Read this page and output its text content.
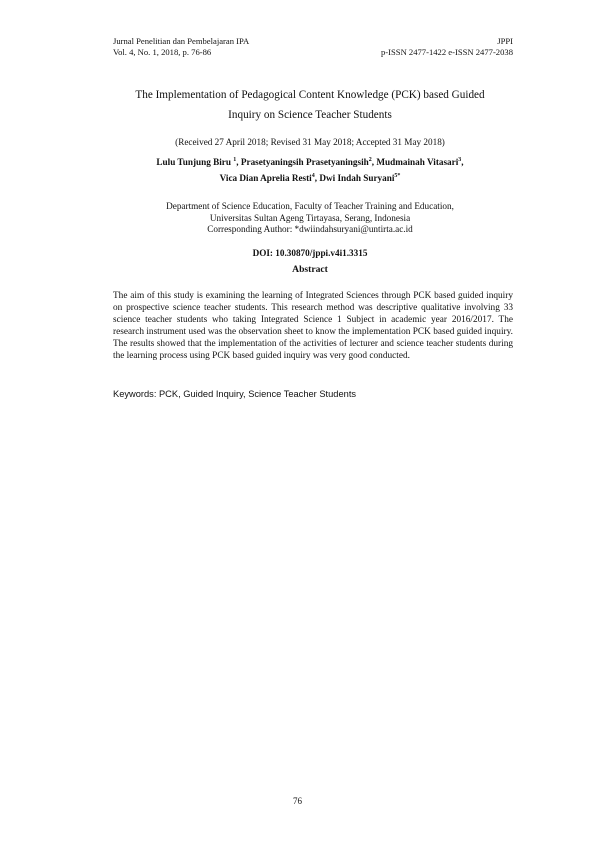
Jurnal Penelitian dan Pembelajaran IPA
Vol. 4, No. 1, 2018, p. 76-86
JPPI
p-ISSN 2477-1422 e-ISSN 2477-2038
The Implementation of Pedagogical Content Knowledge (PCK) based Guided
Inquiry on Science Teacher Students
(Received 27 April 2018; Revised 31 May 2018; Accepted 31 May 2018)
Lulu Tunjung Biru $^1$, Prasetyaningsih Prasetyaningsih$^2$, Mudmainah Vitasari$^3$,
Vica Dian Aprelia Resti$^4$, Dwi Indah Suryani$^{5*}$
Department of Science Education, Faculty of Teacher Training and Education,
Universitas Sultan Ageng Tirtayasa, Serang, Indonesia
Corresponding Author: *dwiindahsuryani@untirta.ac.id
DOI: 10.30870/jppi.v4i1.3315
Abstract
The aim of this study is examining the learning of Integrated Sciences through PCK based guided inquiry on prospective science teacher students. This research method was descriptive qualitative involving 33 science teacher students who taking Integrated Science 1 Subject in academic year 2016/2017. The research instrument used was the observation sheet to know the implementation PCK based guided inquiry. The results showed that the implementation of the activities of lecturer and science teacher students during the learning process using PCK based guided inquiry was very good conducted.
Keywords: PCK, Guided Inquiry, Science Teacher Students
76
